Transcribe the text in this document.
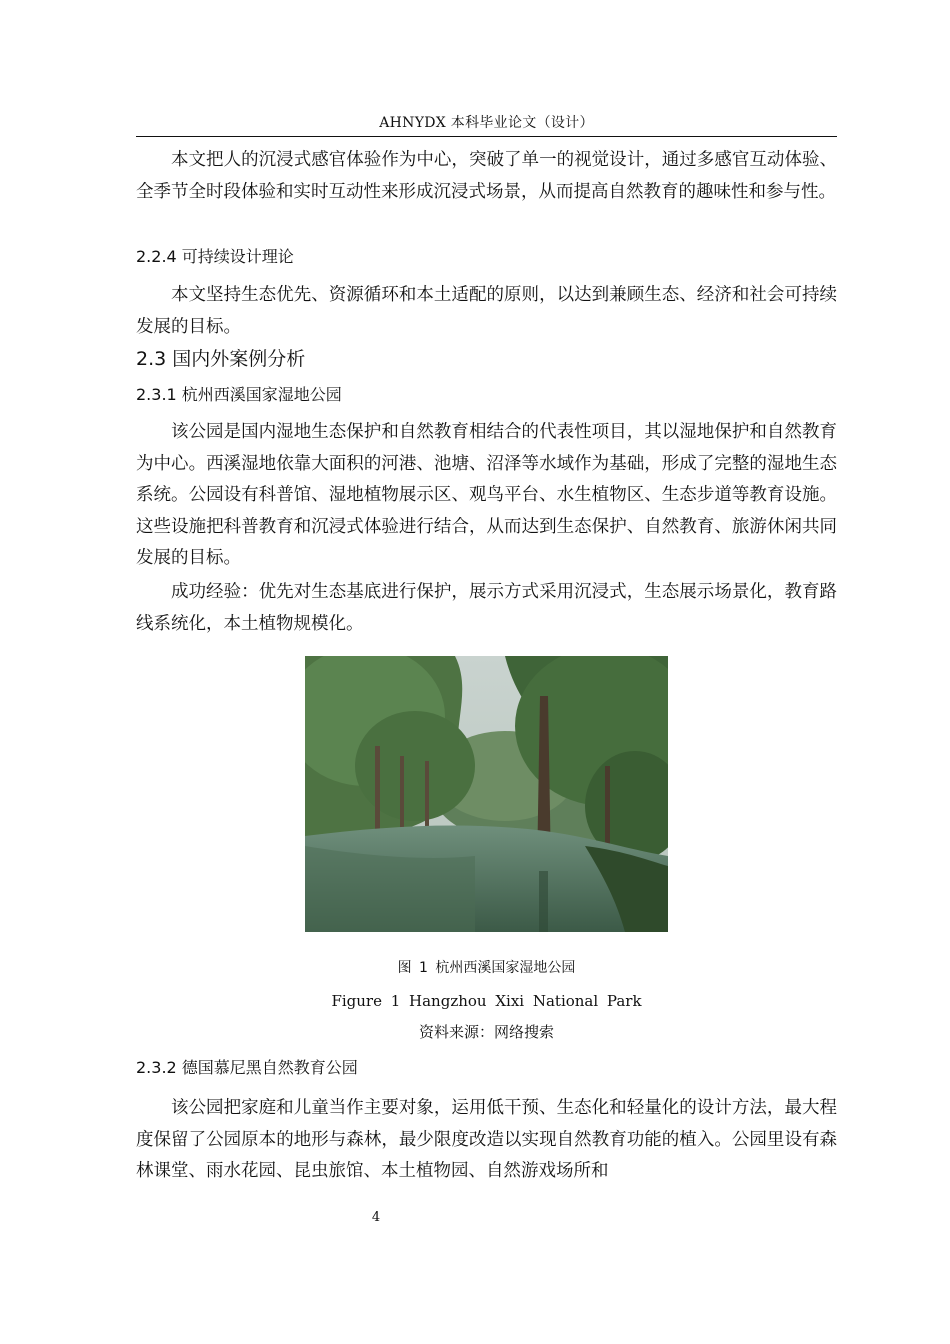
AHNYDX 本科毕业论文（设计）

本文把人的沉浸式感官体验作为中心，突破了单一的视觉设计，通过多感官互动体验、全季节全时段体验和实时互动性来形成沉浸式场景，从而提高自然教育的趣味性和参与性。

2.2.4 可持续设计理论

本文坚持生态优先、资源循环和本土适配的原则，以达到兼顾生态、经济和社会可持续发展的目标。

2.3 国内外案例分析
2.3.1 杭州西溪国家湿地公园

该公园是国内湿地生态保护和自然教育相结合的代表性项目，其以湿地保护和自然教育为中心。西溪湿地依靠大面积的河港、池塘、沼泽等水域作为基础，形成了完整的湿地生态系统。公园设有科普馆、湿地植物展示区、观鸟平台、水生植物区、生态步道等教育设施。这些设施把科普教育和沉浸式体验进行结合，从而达到生态保护、自然教育、旅游休闲共同发展的目标。

成功经验：优先对生态基底进行保护，展示方式采用沉浸式，生态展示场景化，教育路线系统化，本土植物规模化。

图 1 杭州西溪国家湿地公园
Figure 1 Hangzhou Xixi National Park
资料来源：网络搜索
2.3.2 德国慕尼黑自然教育公园

该公园把家庭和儿童当作主要对象，运用低干预、生态化和轻量化的设计方法，最大程度保留了公园原本的地形与森林，最少限度改造以实现自然教育功能的植入。公园里设有森林课堂、雨水花园、昆虫旅馆、本土植物园、自然游戏场所和

4
